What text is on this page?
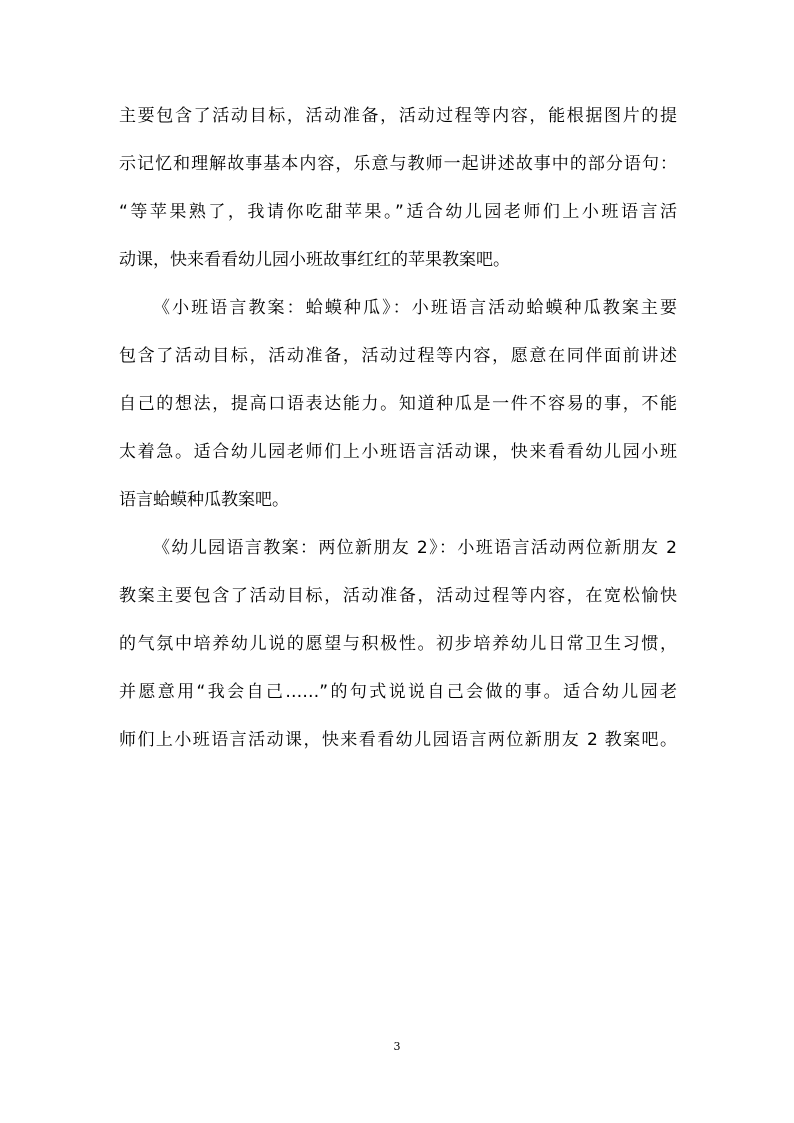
主要包含了活动目标，活动准备，活动过程等内容，能根据图片的提
示记忆和理解故事基本内容，乐意与教师一起讲述故事中的部分语句：
“等苹果熟了，我请你吃甜苹果。”适合幼儿园老师们上小班语言活
动课，快来看看幼儿园小班故事红红的苹果教案吧。
《小班语言教案：蛤蟆种瓜》：小班语言活动蛤蟆种瓜教案主要
包含了活动目标，活动准备，活动过程等内容，愿意在同伴面前讲述
自己的想法，提高口语表达能力。知道种瓜是一件不容易的事，不能
太着急。适合幼儿园老师们上小班语言活动课，快来看看幼儿园小班
语言蛤蟆种瓜教案吧。
《幼儿园语言教案：两位新朋友 2》：小班语言活动两位新朋友 2
教案主要包含了活动目标，活动准备，活动过程等内容，在宽松愉快
的气氛中培养幼儿说的愿望与积极性。初步培养幼儿日常卫生习惯，
并愿意用“我会自己……”的句式说说自己会做的事。适合幼儿园老
师们上小班语言活动课，快来看看幼儿园语言两位新朋友 2 教案吧。
3
